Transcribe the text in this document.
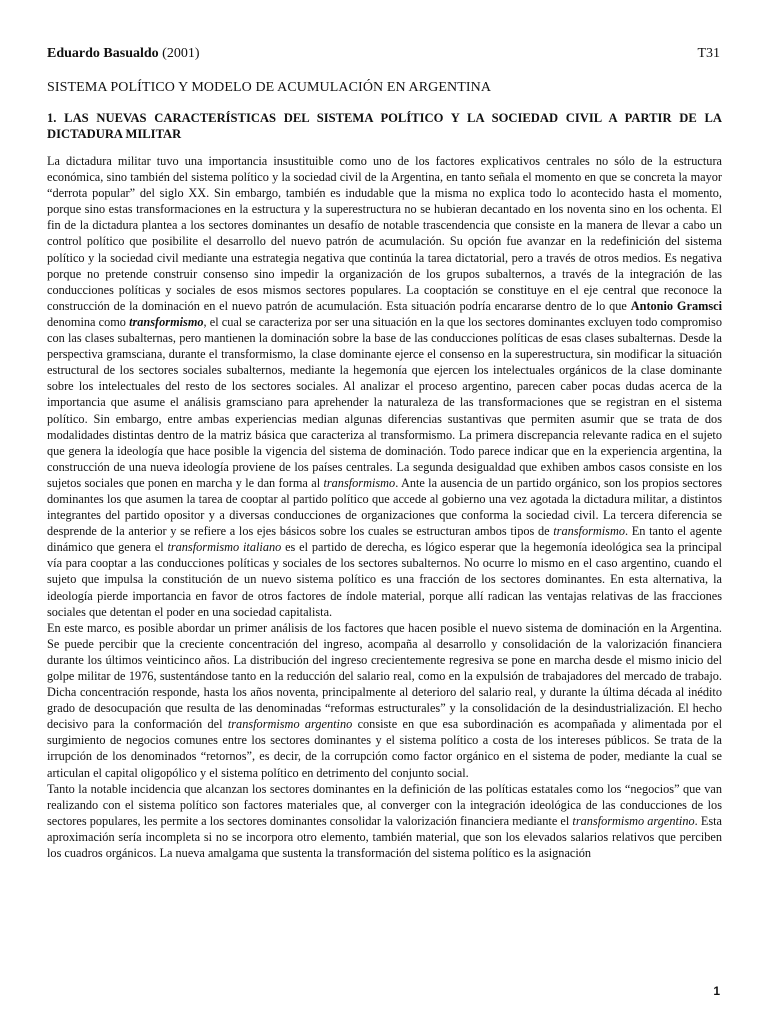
Eduardo Basualdo (2001)	T31
SISTEMA POLÍTICO Y MODELO DE ACUMULACIÓN EN ARGENTINA
1. LAS NUEVAS CARACTERÍSTICAS DEL SISTEMA POLÍTICO Y LA SOCIEDAD CIVIL A PARTIR DE LA DICTADURA MILITAR

La dictadura militar tuvo una importancia insustituible como uno de los factores explicativos centrales no sólo de la estructura económica, sino también del sistema político y la sociedad civil de la Argentina, en tanto señala el momento en que se concreta la mayor “derrota popular” del siglo XX. Sin embargo, también es indudable que la misma no explica todo lo acontecido hasta el momento, porque sino estas transformaciones en la estructura y la superestructura no se hubieran decantado en los noventa sino en los ochenta. El fin de la dictadura plantea a los sectores dominantes un desafío de notable trascendencia que consiste en la manera de llevar a cabo un control político que posibilite el desarrollo del nuevo patrón de acumulación. Su opción fue avanzar en la redefinición del sistema político y la sociedad civil mediante una estrategia negativa que continúa la tarea dictatorial, pero a través de otros medios. Es negativa porque no pretende construir consenso sino impedir la organización de los grupos subalternos, a través de la integración de las conducciones políticas y sociales de esos mismos sectores populares. La cooptación se constituye en el eje central que reconoce la construcción de la dominación en el nuevo patrón de acumulación. Esta situación podría encararse dentro de lo que Antonio Gramsci denomina como transformismo, el cual se caracteriza por ser una situación en la que los sectores dominantes excluyen todo compromiso con las clases subalternas, pero mantienen la dominación sobre la base de las conducciones políticas de esas clases subalternas. Desde la perspectiva gramsciana, durante el transformismo, la clase dominante ejerce el consenso en la superestructura, sin modificar la situación estructural de los sectores sociales subalternos, mediante la hegemonía que ejercen los intelectuales orgánicos de la clase dominante sobre los intelectuales del resto de los sectores sociales. Al analizar el proceso argentino, parecen caber pocas dudas acerca de la importancia que asume el análisis gramsciano para aprehender la naturaleza de las transformaciones que se registran en el sistema político. Sin embargo, entre ambas experiencias median algunas diferencias sustantivas que permiten asumir que se trata de dos modalidades distintas dentro de la matriz básica que caracteriza al transformismo. La primera discrepancia relevante radica en el sujeto que genera la ideología que hace posible la vigencia del sistema de dominación. Todo parece indicar que en la experiencia argentina, la construcción de una nueva ideología proviene de los países centrales. La segunda desigualdad que exhiben ambos casos consiste en los sujetos sociales que ponen en marcha y le dan forma al transformismo. Ante la ausencia de un partido orgánico, son los propios sectores dominantes los que asumen la tarea de cooptar al partido político que accede al gobierno una vez agotada la dictadura militar, a distintos integrantes del partido opositor y a diversas conducciones de organizaciones que conforma la sociedad civil. La tercera diferencia se desprende de la anterior y se refiere a los ejes básicos sobre los cuales se estructuran ambos tipos de transformismo. En tanto el agente dinámico que genera el transformismo italiano es el partido de derecha, es lógico esperar que la hegemonía ideológica sea la principal vía para cooptar a las conducciones políticas y sociales de los sectores subalternos. No ocurre lo mismo en el caso argentino, cuando el sujeto que impulsa la constitución de un nuevo sistema político es una fracción de los sectores dominantes. En esta alternativa, la ideología pierde importancia en favor de otros factores de índole material, porque allí radican las ventajas relativas de las fracciones sociales que detentan el poder en una sociedad capitalista.

En este marco, es posible abordar un primer análisis de los factores que hacen posible el nuevo sistema de dominación en la Argentina. Se puede percibir que la creciente concentración del ingreso, acompaña al desarrollo y consolidación de la valorización financiera durante los últimos veinticinco años. La distribución del ingreso crecientemente regresiva se pone en marcha desde el mismo inicio del golpe militar de 1976, sustentándose tanto en la reducción del salario real, como en la expulsión de trabajadores del mercado de trabajo. Dicha concentración responde, hasta los años noventa, principalmente al deterioro del salario real, y durante la última década al inédito grado de desocupación que resulta de las denominadas “reformas estructurales” y la consolidación de la desindustrialización. El hecho decisivo para la conformación del transformismo argentino consiste en que esa subordinación es acompañada y alimentada por el surgimiento de negocios comunes entre los sectores dominantes y el sistema político a costa de los intereses públicos. Se trata de la irrupción de los denominados “retornos”, es decir, de la corrupción como factor orgánico en el sistema de poder, mediante la cual se articulan el capital oligopólico y el sistema político en detrimento del conjunto social.

Tanto la notable incidencia que alcanzan los sectores dominantes en la definición de las políticas estatales como los “negocios” que van realizando con el sistema político son factores materiales que, al converger con la integración ideológica de las conducciones de los sectores populares, les permite a los sectores dominantes consolidar la valorización financiera mediante el transformismo argentino. Esta aproximación sería incompleta si no se incorpora otro elemento, también material, que son los elevados salarios relativos que perciben los cuadros orgánicos. La nueva amalgama que sustenta la transformación del sistema político es la asignación

1
